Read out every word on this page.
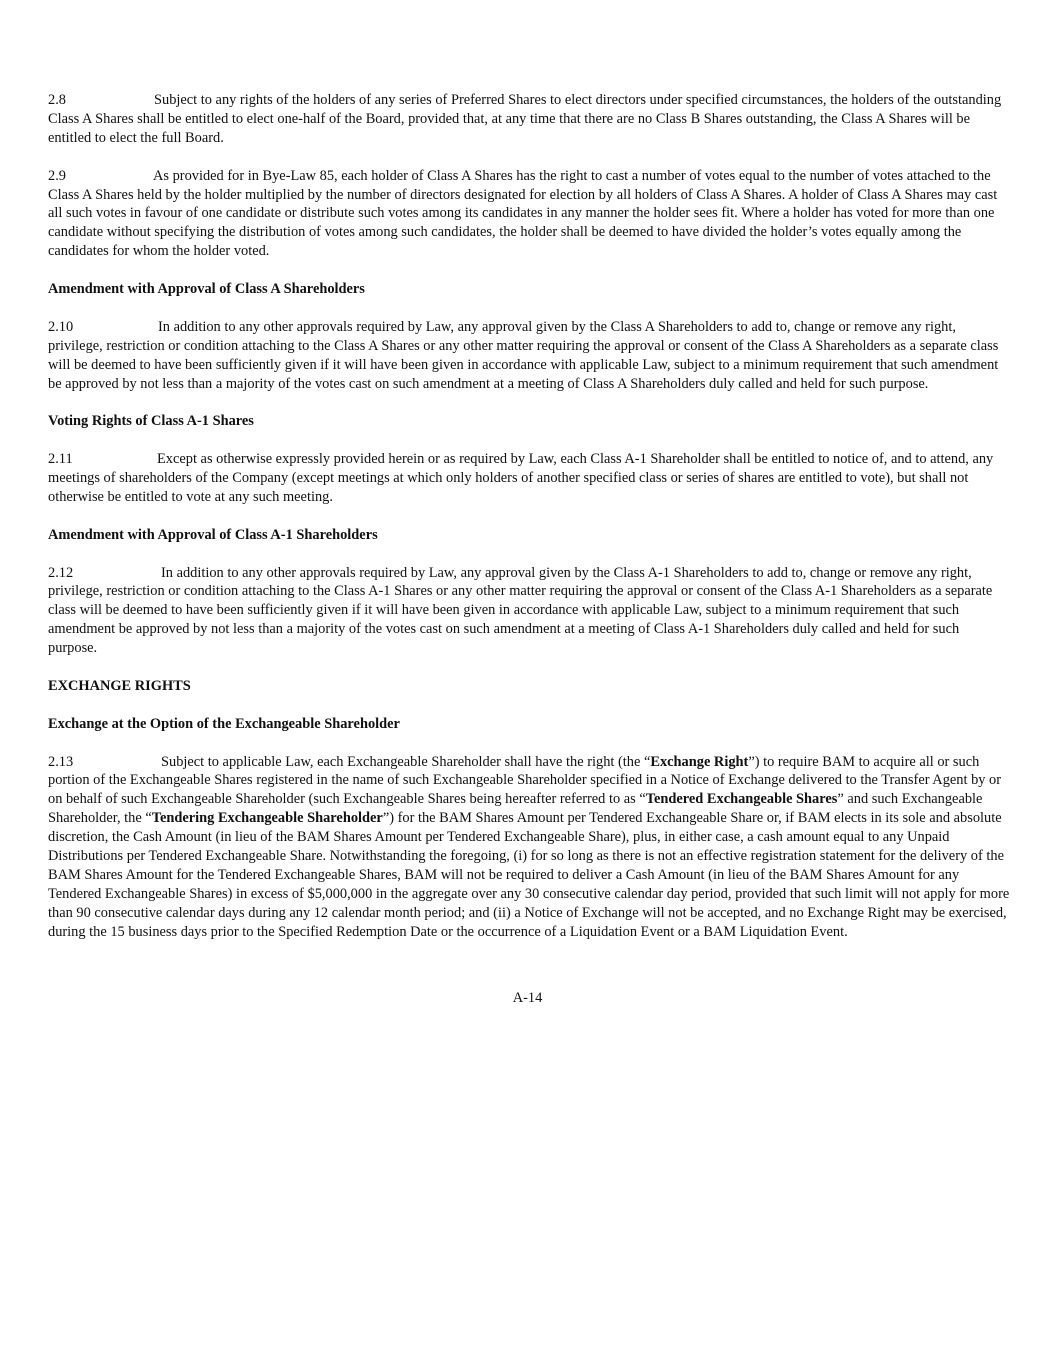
2.8	Subject to any rights of the holders of any series of Preferred Shares to elect directors under specified circumstances, the holders of the outstanding Class A Shares shall be entitled to elect one-half of the Board, provided that, at any time that there are no Class B Shares outstanding, the Class A Shares will be entitled to elect the full Board.

2.9	As provided for in Bye-Law 85, each holder of Class A Shares has the right to cast a number of votes equal to the number of votes attached to the Class A Shares held by the holder multiplied by the number of directors designated for election by all holders of Class A Shares. A holder of Class A Shares may cast all such votes in favour of one candidate or distribute such votes among its candidates in any manner the holder sees fit. Where a holder has voted for more than one candidate without specifying the distribution of votes among such candidates, the holder shall be deemed to have divided the holder’s votes equally among the candidates for whom the holder voted.

Amendment with Approval of Class A Shareholders

2.10	In addition to any other approvals required by Law, any approval given by the Class A Shareholders to add to, change or remove any right, privilege, restriction or condition attaching to the Class A Shares or any other matter requiring the approval or consent of the Class A Shareholders as a separate class will be deemed to have been sufficiently given if it will have been given in accordance with applicable Law, subject to a minimum requirement that such amendment be approved by not less than a majority of the votes cast on such amendment at a meeting of Class A Shareholders duly called and held for such purpose.

Voting Rights of Class A-1 Shares

2.11	Except as otherwise expressly provided herein or as required by Law, each Class A-1 Shareholder shall be entitled to notice of, and to attend, any meetings of shareholders of the Company (except meetings at which only holders of another specified class or series of shares are entitled to vote), but shall not otherwise be entitled to vote at any such meeting.

Amendment with Approval of Class A-1 Shareholders

2.12	In addition to any other approvals required by Law, any approval given by the Class A-1 Shareholders to add to, change or remove any right, privilege, restriction or condition attaching to the Class A-1 Shares or any other matter requiring the approval or consent of the Class A-1 Shareholders as a separate class will be deemed to have been sufficiently given if it will have been given in accordance with applicable Law, subject to a minimum requirement that such amendment be approved by not less than a majority of the votes cast on such amendment at a meeting of Class A-1 Shareholders duly called and held for such purpose.

EXCHANGE RIGHTS

Exchange at the Option of the Exchangeable Shareholder

2.13	Subject to applicable Law, each Exchangeable Shareholder shall have the right (the “Exchange Right”) to require BAM to acquire all or such portion of the Exchangeable Shares registered in the name of such Exchangeable Shareholder specified in a Notice of Exchange delivered to the Transfer Agent by or on behalf of such Exchangeable Shareholder (such Exchangeable Shares being hereafter referred to as “Tendered Exchangeable Shares” and such Exchangeable Shareholder, the “Tendering Exchangeable Shareholder”) for the BAM Shares Amount per Tendered Exchangeable Share or, if BAM elects in its sole and absolute discretion, the Cash Amount (in lieu of the BAM Shares Amount per Tendered Exchangeable Share), plus, in either case, a cash amount equal to any Unpaid Distributions per Tendered Exchangeable Share. Notwithstanding the foregoing, (i) for so long as there is not an effective registration statement for the delivery of the BAM Shares Amount for the Tendered Exchangeable Shares, BAM will not be required to deliver a Cash Amount (in lieu of the BAM Shares Amount for any Tendered Exchangeable Shares) in excess of $5,000,000 in the aggregate over any 30 consecutive calendar day period, provided that such limit will not apply for more than 90 consecutive calendar days during any 12 calendar month period; and (ii) a Notice of Exchange will not be accepted, and no Exchange Right may be exercised, during the 15 business days prior to the Specified Redemption Date or the occurrence of a Liquidation Event or a BAM Liquidation Event.

A-14
